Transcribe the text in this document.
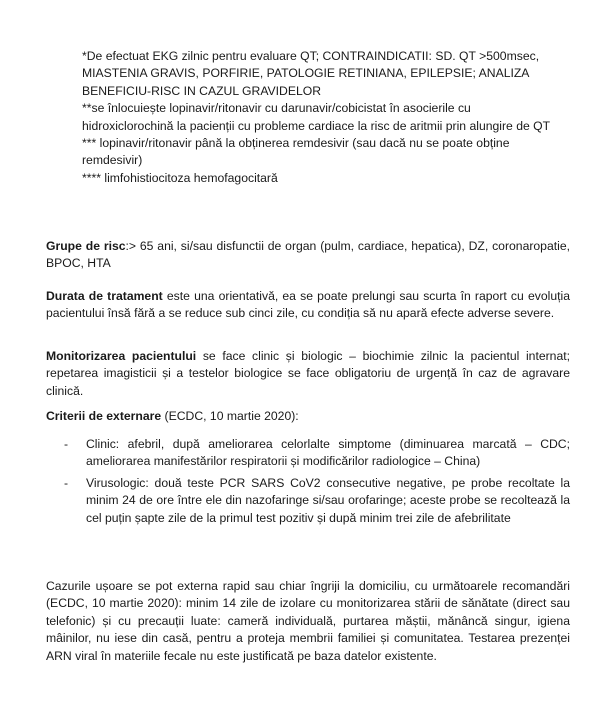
*De efectuat EKG zilnic pentru evaluare QT; CONTRAINDICATII: SD. QT >500msec, MIASTENIA GRAVIS, PORFIRIE, PATOLOGIE RETINIANA, EPILEPSIE; ANALIZA BENEFICIU-RISC IN CAZUL GRAVIDELOR

**se înlocuiește lopinavir/ritonavir cu darunavir/cobicistat în asocierile cu hidroxiclorochină la pacienții cu probleme cardiace la risc de aritmii prin alungire de QT

*** lopinavir/ritonavir până la obținerea remdesivir (sau dacă nu se poate obține remdesivir)

**** limfohistiocitoza hemofagocitară

Grupe de risc:> 65 ani, si/sau disfunctii de organ (pulm, cardiace, hepatica), DZ, coronaropatie, BPOC, HTA

Durata de tratament este una orientativă, ea se poate prelungi sau scurta în raport cu evoluția pacientului însă fără a se reduce sub cinci zile, cu condiția să nu apară efecte adverse severe.

Monitorizarea pacientului se face clinic și biologic – biochimie zilnic la pacientul internat; repetarea imagisticii și a testelor biologice se face obligatoriu de urgență în caz de agravare clinică.

Criterii de externare (ECDC, 10 martie 2020):

- Clinic: afebril, după ameliorarea celorlalte simptome (diminuarea marcată – CDC; ameliorarea manifestărilor respiratorii și modificărilor radiologice – China)
- Virusologic: două teste PCR SARS CoV2 consecutive negative, pe probe recoltate la minim 24 de ore între ele din nazofaringe si/sau orofaringe; aceste probe se recoltează la cel puțin șapte zile de la primul test pozitiv și după minim trei zile de afebrilitate

Cazurile ușoare se pot externa rapid sau chiar îngriji la domiciliu, cu următoarele recomandări (ECDC, 10 martie 2020): minim 14 zile de izolare cu monitorizarea stării de sănătate (direct sau telefonic) și cu precauții luate: cameră individuală, purtarea măștii, mănâncă singur, igiena mâinilor, nu iese din casă, pentru a proteja membrii familiei și comunitatea. Testarea prezenței ARN viral în materiile fecale nu este justificată pe baza datelor existente.
